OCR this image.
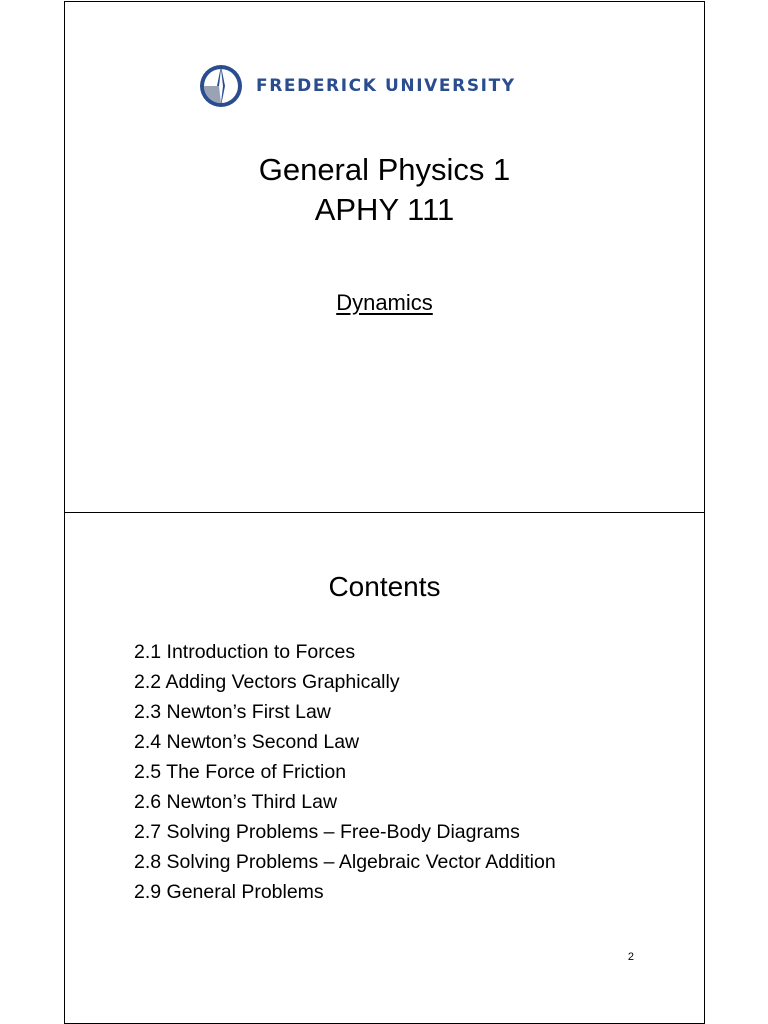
FREDERICK UNIVERSITY
General Physics 1
APHY 111
Dynamics
Contents
2.1 Introduction to Forces
2.2 Adding Vectors Graphically
2.3 Newton’s First Law
2.4 Newton’s Second Law
2.5 The Force of Friction
2.6 Newton’s Third Law
2.7 Solving Problems – Free-Body Diagrams
2.8 Solving Problems – Algebraic Vector Addition
2.9 General Problems
2
